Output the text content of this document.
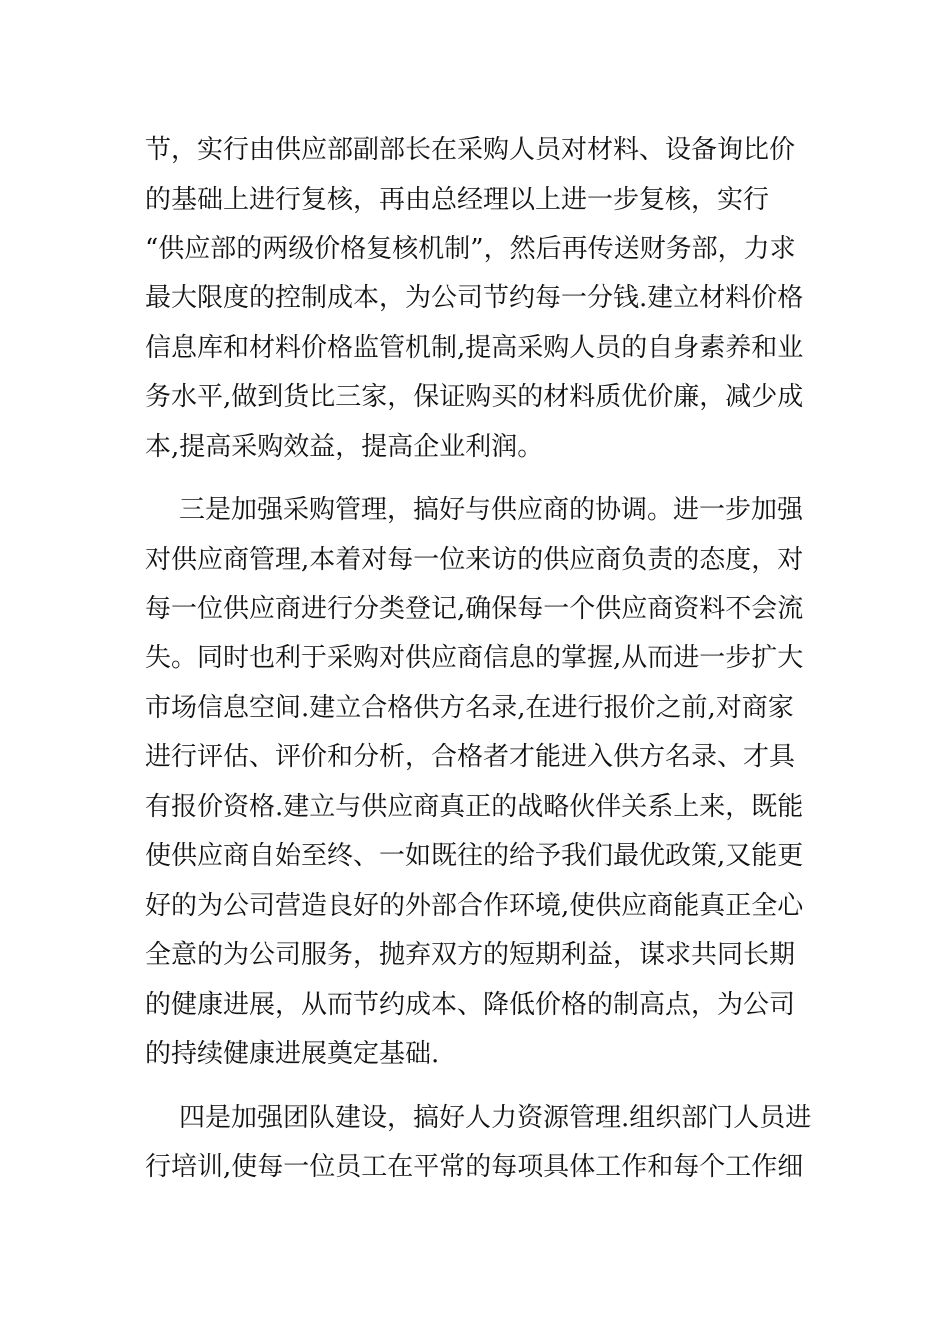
节，实行由供应部副部长在采购人员对材料、设备询比价
的基础上进行复核，再由总经理以上进一步复核，实行
“供应部的两级价格复核机制”，然后再传送财务部，力求
最大限度的控制成本，为公司节约每一分钱.建立材料价格
信息库和材料价格监管机制,提高采购人员的自身素养和业
务水平,做到货比三家，保证购买的材料质优价廉，减少成
本,提高采购效益，提高企业利润。
三是加强采购管理，搞好与供应商的协调。进一步加强
对供应商管理,本着对每一位来访的供应商负责的态度，对
每一位供应商进行分类登记,确保每一个供应商资料不会流
失。同时也利于采购对供应商信息的掌握,从而进一步扩大
市场信息空间.建立合格供方名录,在进行报价之前,对商家
进行评估、评价和分析，合格者才能进入供方名录、才具
有报价资格.建立与供应商真正的战略伙伴关系上来，既能
使供应商自始至终、一如既往的给予我们最优政策,又能更
好的为公司营造良好的外部合作环境,使供应商能真正全心
全意的为公司服务，抛弃双方的短期利益，谋求共同长期
的健康进展，从而节约成本、降低价格的制高点，为公司
的持续健康进展奠定基础.
四是加强团队建设，搞好人力资源管理.组织部门人员进
行培训,使每一位员工在平常的每项具体工作和每个工作细
